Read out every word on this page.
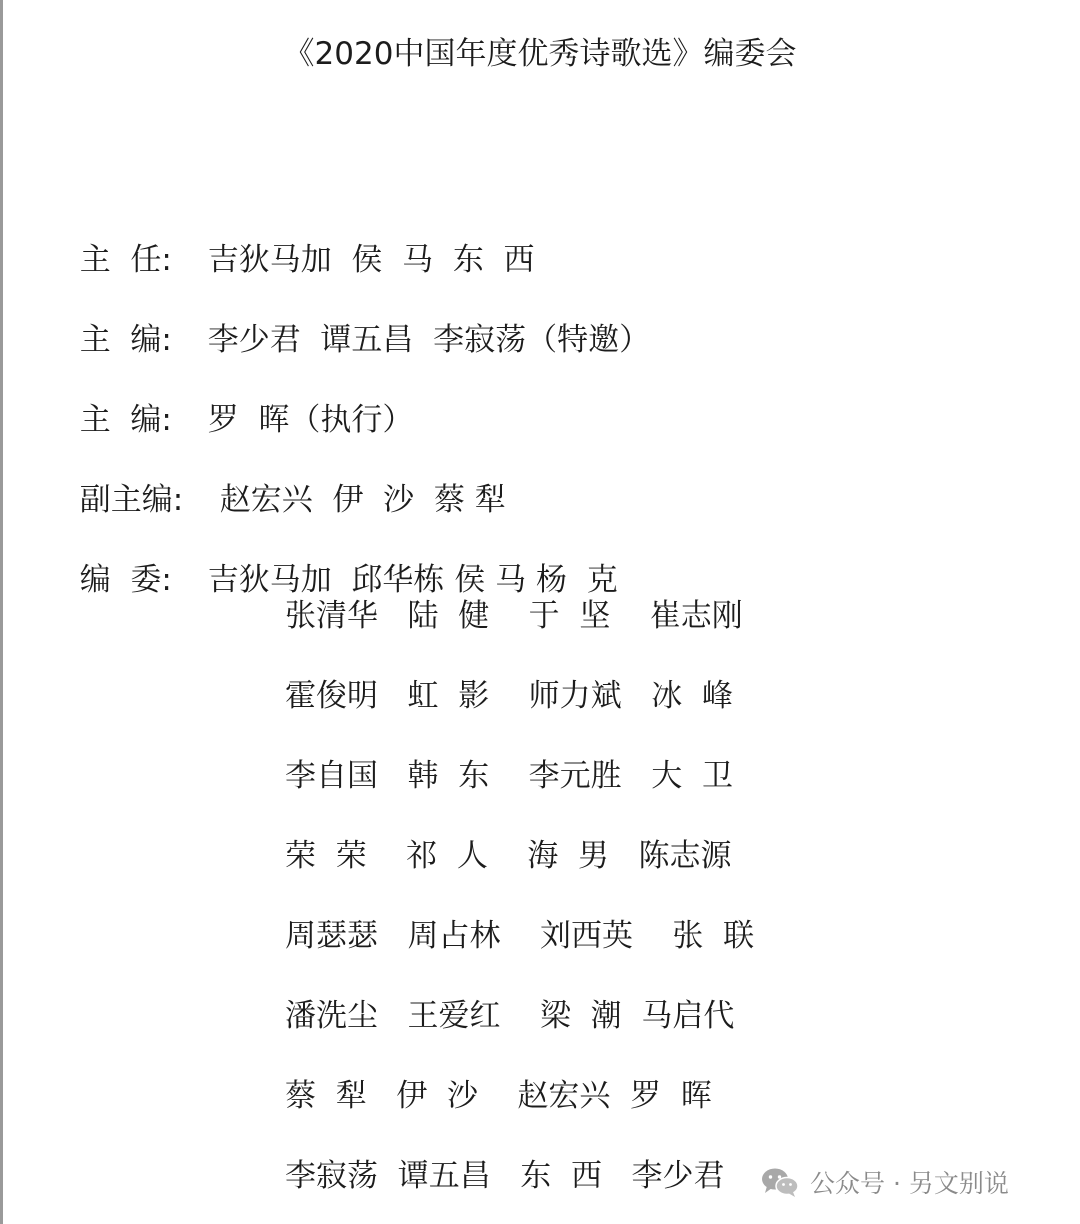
《2020中国年度优秀诗歌选》编委会

主  任: 吉狄马加  侯  马  东  西

主  编: 李少君  谭五昌  李寂荡（特邀）

主  编: 罗  晖（执行）

副主编: 赵宏兴  伊  沙  蔡 犁

编  委: 吉狄马加  邱华栋 侯 马 杨  克

张清华   陆  健    于  坚    崔志刚
霍俊明   虹  影    师力斌   冰  峰
李自国   韩  东    李元胜   大  卫
荣  荣    祁  人    海  男   陈志源
周瑟瑟   周占林    刘西英    张  联
潘洗尘   王爱红    梁  潮  马启代
蔡  犁   伊  沙    赵宏兴  罗  晖
李寂荡  谭五昌   东  西   李少君	公众号 · 另文别说
